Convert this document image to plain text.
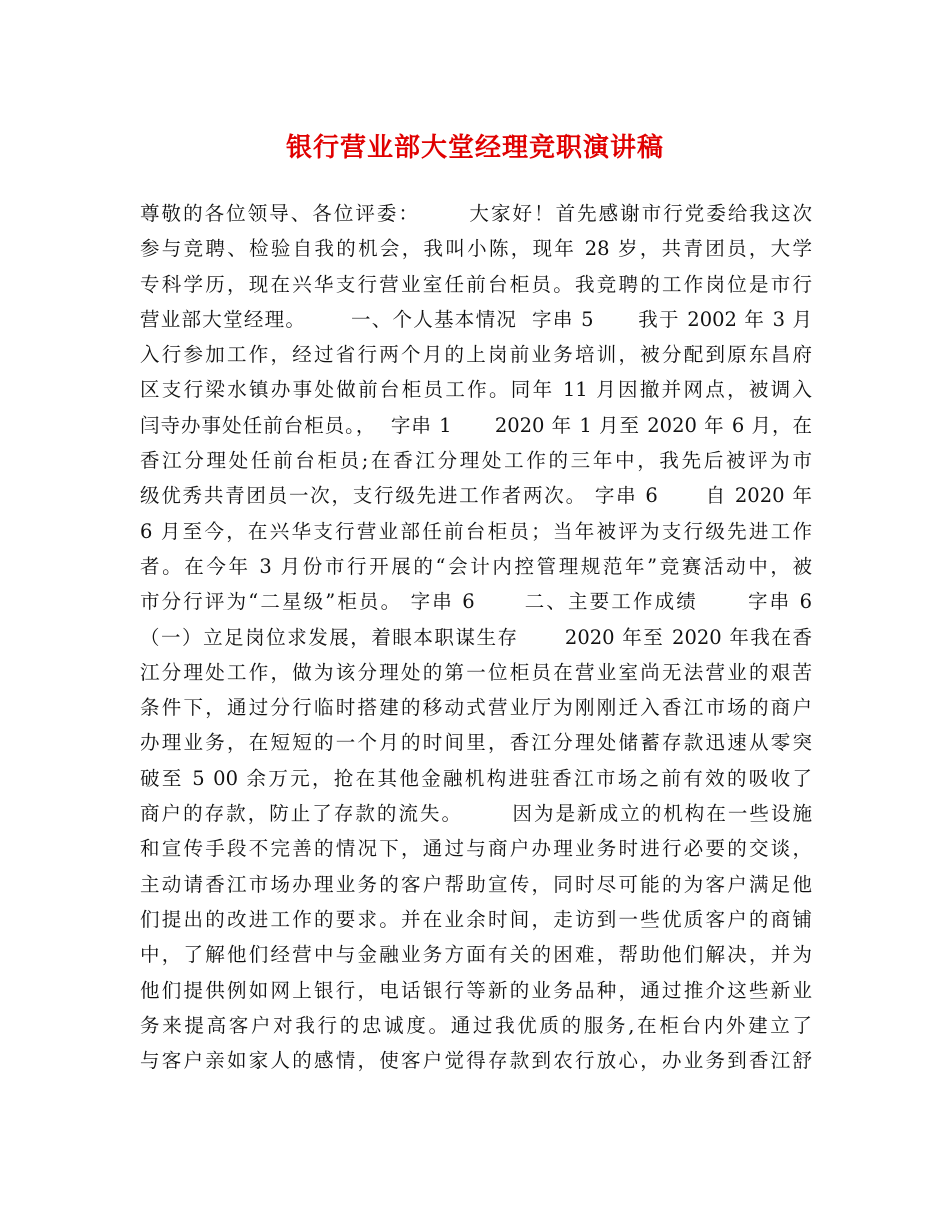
银行营业部大堂经理竞职演讲稿
尊敬的各位领导、各位评委：      大家好！首先感谢市行党委给我这次
参与竞聘、检验自我的机会，我叫小陈，现年 28 岁，共青团员，大学
专科学历，现在兴华支行营业室任前台柜员。我竞聘的工作岗位是市行
营业部大堂经理。      一、个人基本情况  字串 5      我于 2002 年 3 月
入行参加工作，经过省行两个月的上岗前业务培训，被分配到原东昌府
区支行梁水镇办事处做前台柜员工作。同年 11 月因撤并网点，被调入
闫寺办事处任前台柜员。，  字串 1      2020 年 1 月至 2020 年 6 月，在
香江分理处任前台柜员;在香江分理处工作的三年中，我先后被评为市
级优秀共青团员一次，支行级先进工作者两次。 字串 6      自 2020 年
6 月至今，在兴华支行营业部任前台柜员；当年被评为支行级先进工作
者。在今年 3 月份市行开展的“会计内控管理规范年”竞赛活动中，被
市分行评为“二星级”柜员。 字串 6      二、主要工作成绩      字串 6
（一）立足岗位求发展，着眼本职谋生存      2020 年至 2020 年我在香
江分理处工作，做为该分理处的第一位柜员在营业室尚无法营业的艰苦
条件下，通过分行临时搭建的移动式营业厅为刚刚迁入香江市场的商户
办理业务，在短短的一个月的时间里，香江分理处储蓄存款迅速从零突
破至 5 00 余万元，抢在其他金融机构进驻香江市场之前有效的吸收了
商户的存款，防止了存款的流失。      因为是新成立的机构在一些设施
和宣传手段不完善的情况下，通过与商户办理业务时进行必要的交谈，
主动请香江市场办理业务的客户帮助宣传，同时尽可能的为客户满足他
们提出的改进工作的要求。并在业余时间，走访到一些优质客户的商铺
中，了解他们经营中与金融业务方面有关的困难，帮助他们解决，并为
他们提供例如网上银行，电话银行等新的业务品种，通过推介这些新业
务来提高客户对我行的忠诚度。通过我优质的服务,在柜台内外建立了
与客户亲如家人的感情，使客户觉得存款到农行放心，办业务到香江舒
